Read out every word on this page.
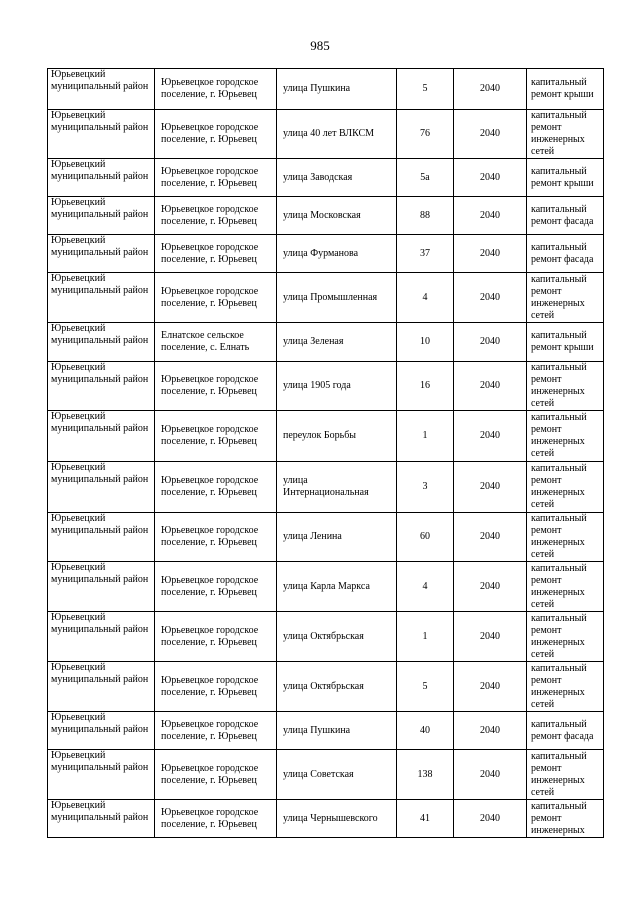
985
Юрьевецкий муниципальный район	Юрьевецкое городское поселение, г. Юрьевец	улица Пушкина	5	2040	капитальный ремонт крыши
Юрьевецкий муниципальный район	Юрьевецкое городское поселение, г. Юрьевец	улица 40 лет ВЛКСМ	76	2040	капитальный ремонт инженерных сетей
Юрьевецкий муниципальный район	Юрьевецкое городское поселение, г. Юрьевец	улица Заводская	5а	2040	капитальный ремонт крыши
Юрьевецкий муниципальный район	Юрьевецкое городское поселение, г. Юрьевец	улица Московская	88	2040	капитальный ремонт фасада
Юрьевецкий муниципальный район	Юрьевецкое городское поселение, г. Юрьевец	улица Фурманова	37	2040	капитальный ремонт фасада
Юрьевецкий муниципальный район	Юрьевецкое городское поселение, г. Юрьевец	улица Промышленная	4	2040	капитальный ремонт инженерных сетей
Юрьевецкий муниципальный район	Елнатское сельское поселение, с. Елнать	улица Зеленая	10	2040	капитальный ремонт крыши
Юрьевецкий муниципальный район	Юрьевецкое городское поселение, г. Юрьевец	улица 1905 года	16	2040	капитальный ремонт инженерных сетей
Юрьевецкий муниципальный район	Юрьевецкое городское поселение, г. Юрьевец	переулок Борьбы	1	2040	капитальный ремонт инженерных сетей
Юрьевецкий муниципальный район	Юрьевецкое городское поселение, г. Юрьевец	улица Интернациональная	3	2040	капитальный ремонт инженерных сетей
Юрьевецкий муниципальный район	Юрьевецкое городское поселение, г. Юрьевец	улица Ленина	60	2040	капитальный ремонт инженерных сетей
Юрьевецкий муниципальный район	Юрьевецкое городское поселение, г. Юрьевец	улица Карла Маркса	4	2040	капитальный ремонт инженерных сетей
Юрьевецкий муниципальный район	Юрьевецкое городское поселение, г. Юрьевец	улица Октябрьская	1	2040	капитальный ремонт инженерных сетей
Юрьевецкий муниципальный район	Юрьевецкое городское поселение, г. Юрьевец	улица Октябрьская	5	2040	капитальный ремонт инженерных сетей
Юрьевецкий муниципальный район	Юрьевецкое городское поселение, г. Юрьевец	улица Пушкина	40	2040	капитальный ремонт фасада
Юрьевецкий муниципальный район	Юрьевецкое городское поселение, г. Юрьевец	улица Советская	138	2040	капитальный ремонт инженерных сетей
Юрьевецкий муниципальный район	Юрьевецкое городское поселение, г. Юрьевец	улица Чернышевского	41	2040	капитальный ремонт инженерных
